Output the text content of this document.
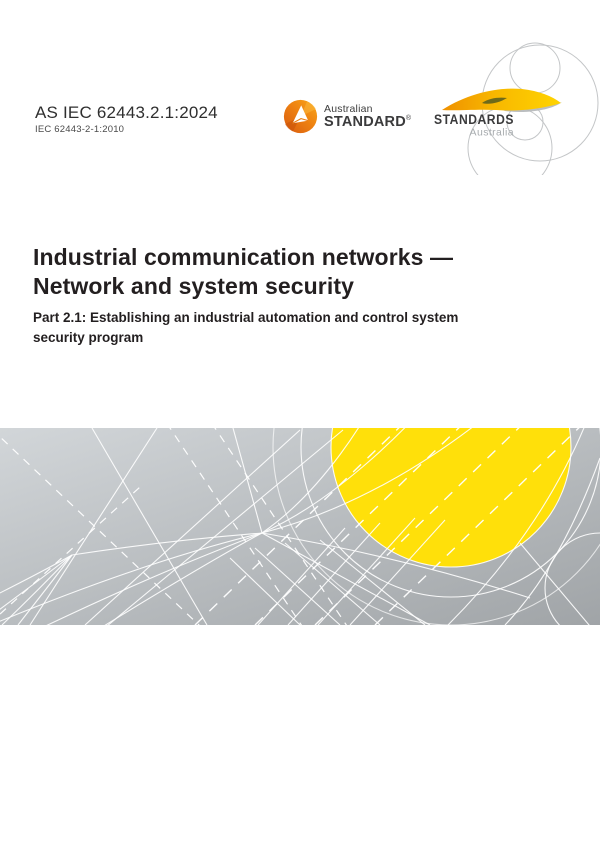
AS IEC 62443.2.1:2024
IEC 62443-2-1:2010
Australian
STANDARD® STANDARDS
Australia
Industrial communication networks —
Network and system security
Part 2.1: Establishing an industrial automation and control system
security program
